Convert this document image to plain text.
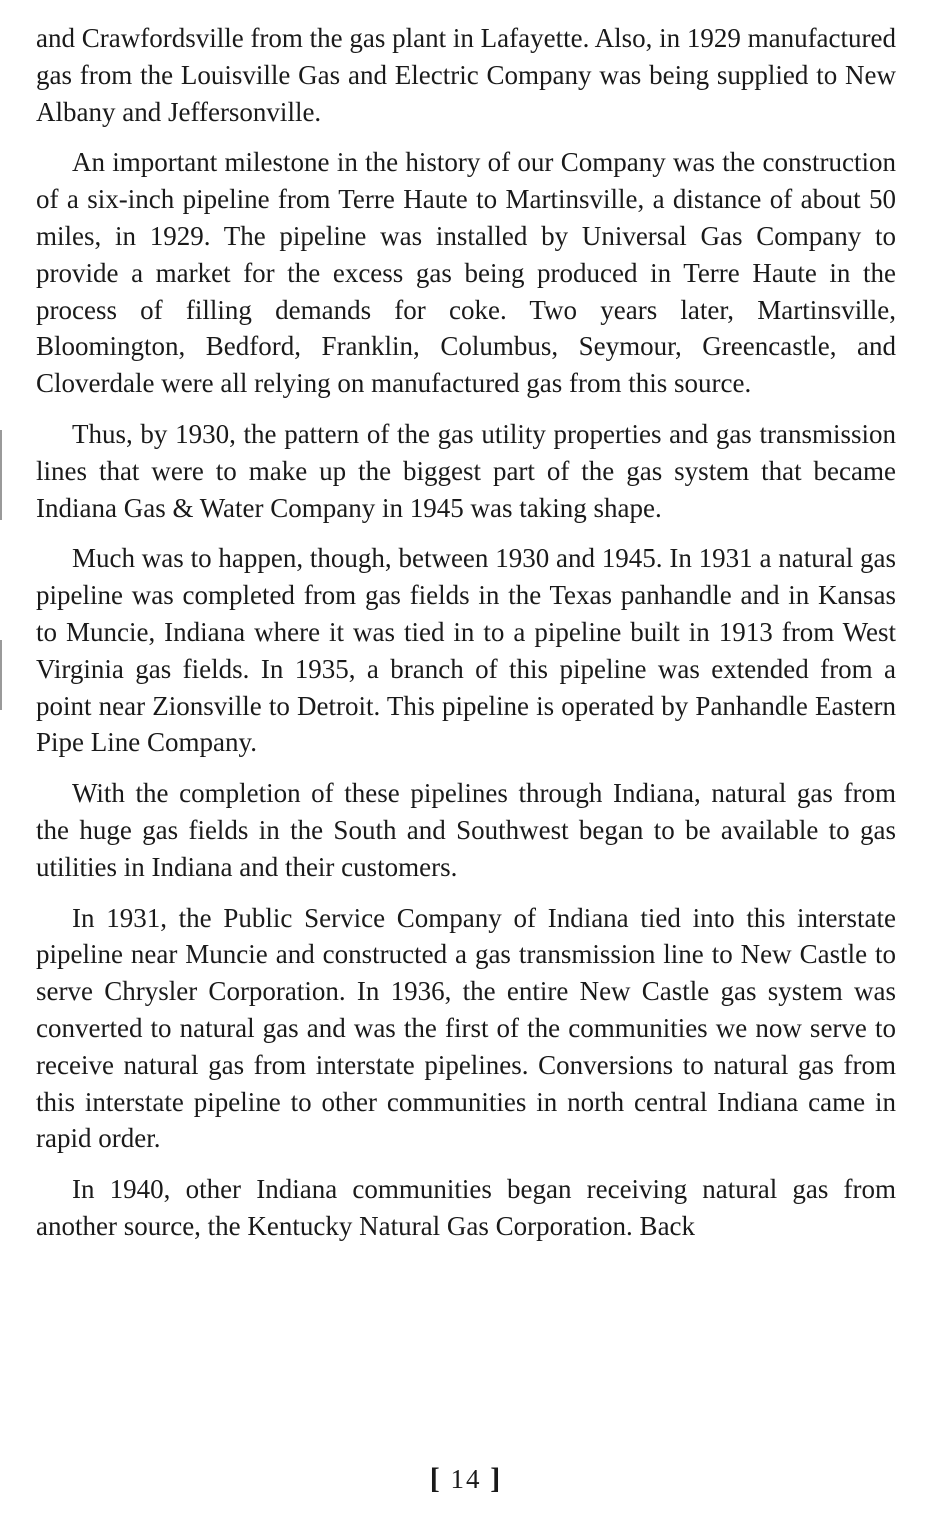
and Crawfordsville from the gas plant in Lafayette. Also, in 1929 manufactured gas from the Louisville Gas and Electric Company was being supplied to New Albany and Jeffersonville.

An important milestone in the history of our Company was the construction of a six-inch pipeline from Terre Haute to Martinsville, a distance of about 50 miles, in 1929. The pipeline was installed by Universal Gas Company to provide a market for the excess gas being produced in Terre Haute in the process of filling demands for coke. Two years later, Martinsville, Bloomington, Bedford, Franklin, Columbus, Seymour, Greencastle, and Cloverdale were all relying on manufactured gas from this source.

Thus, by 1930, the pattern of the gas utility properties and gas transmission lines that were to make up the biggest part of the gas system that became Indiana Gas & Water Company in 1945 was taking shape.

Much was to happen, though, between 1930 and 1945. In 1931 a natural gas pipeline was completed from gas fields in the Texas panhandle and in Kansas to Muncie, Indiana where it was tied in to a pipeline built in 1913 from West Virginia gas fields. In 1935, a branch of this pipeline was extended from a point near Zionsville to Detroit. This pipeline is operated by Panhandle Eastern Pipe Line Company.

With the completion of these pipelines through Indiana, natural gas from the huge gas fields in the South and Southwest began to be available to gas utilities in Indiana and their customers.

In 1931, the Public Service Company of Indiana tied into this interstate pipeline near Muncie and constructed a gas transmission line to New Castle to serve Chrysler Corporation. In 1936, the entire New Castle gas system was converted to natural gas and was the first of the communities we now serve to receive natural gas from interstate pipelines. Conversions to natural gas from this interstate pipeline to other communities in north central Indiana came in rapid order.

In 1940, other Indiana communities began receiving natural gas from another source, the Kentucky Natural Gas Corporation. Back

[ 14 ]
